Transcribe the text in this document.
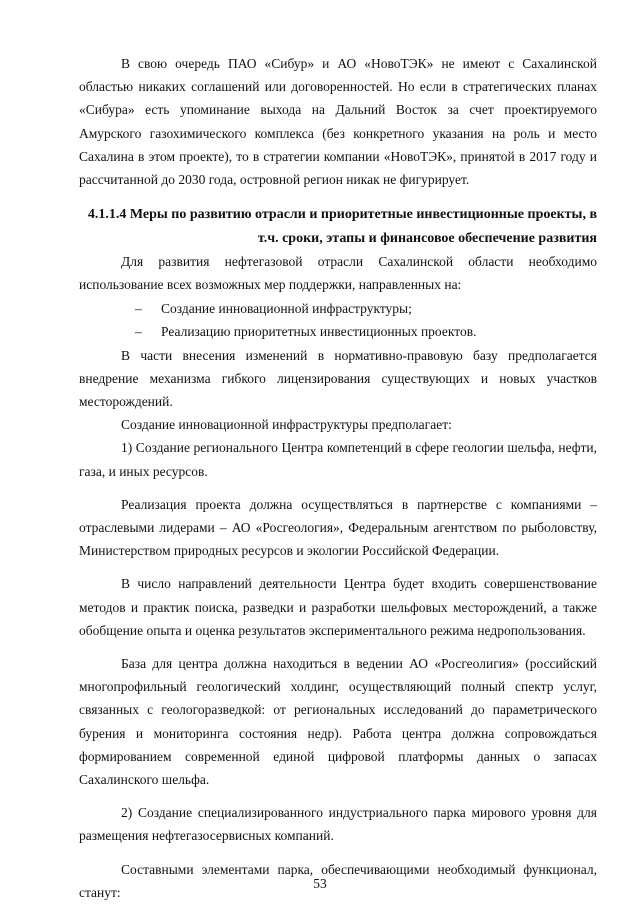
В свою очередь ПАО «Сибур» и АО «НовоТЭК» не имеют с Сахалинской областью никаких соглашений или договоренностей. Но если в стратегических планах «Сибура» есть упоминание выхода на Дальний Восток за счет проектируемого Амурского газохимического комплекса (без конкретного указания на роль и место Сахалина в этом проекте), то в стратегии компании «НовоТЭК», принятой в 2017 году и рассчитанной до 2030 года, островной регион никак не фигурирует.

4.1.1.4 Меры по развитию отрасли и приоритетные инвестиционные проекты, в т.ч. сроки, этапы и финансовое обеспечение развития

Для развития нефтегазовой отрасли Сахалинской области необходимо использование всех возможных мер поддержки, направленных на:

– Создание инновационной инфраструктуры;

– Реализацию приоритетных инвестиционных проектов.

В части внесения изменений в нормативно-правовую базу предполагается внедрение механизма гибкого лицензирования существующих и новых участков месторождений.

Создание инновационной инфраструктуры предполагает:

1) Создание регионального Центра компетенций в сфере геологии шельфа, нефти, газа, и иных ресурсов.

Реализация проекта должна осуществляться в партнерстве с компаниями – отраслевыми лидерами – АО «Росгеология», Федеральным агентством по рыболовству, Министерством природных ресурсов и экологии Российской Федерации.

В число направлений деятельности Центра будет входить совершенствование методов и практик поиска, разведки и разработки шельфовых месторождений, а также обобщение опыта и оценка результатов экспериментального режима недропользования.

База для центра должна находиться в ведении АО «Росгеолигия» (российский многопрофильный геологический холдинг, осуществляющий полный спектр услуг, связанных с геологоразведкой: от региональных исследований до параметрического бурения и мониторинга состояния недр). Работа центра должна сопровождаться формированием современной единой цифровой платформы данных о запасах Сахалинского шельфа.

2) Создание специализированного индустриального парка мирового уровня для размещения нефтегазосервисных компаний.

Составными элементами парка, обеспечивающими необходимый функционал, станут:

53
